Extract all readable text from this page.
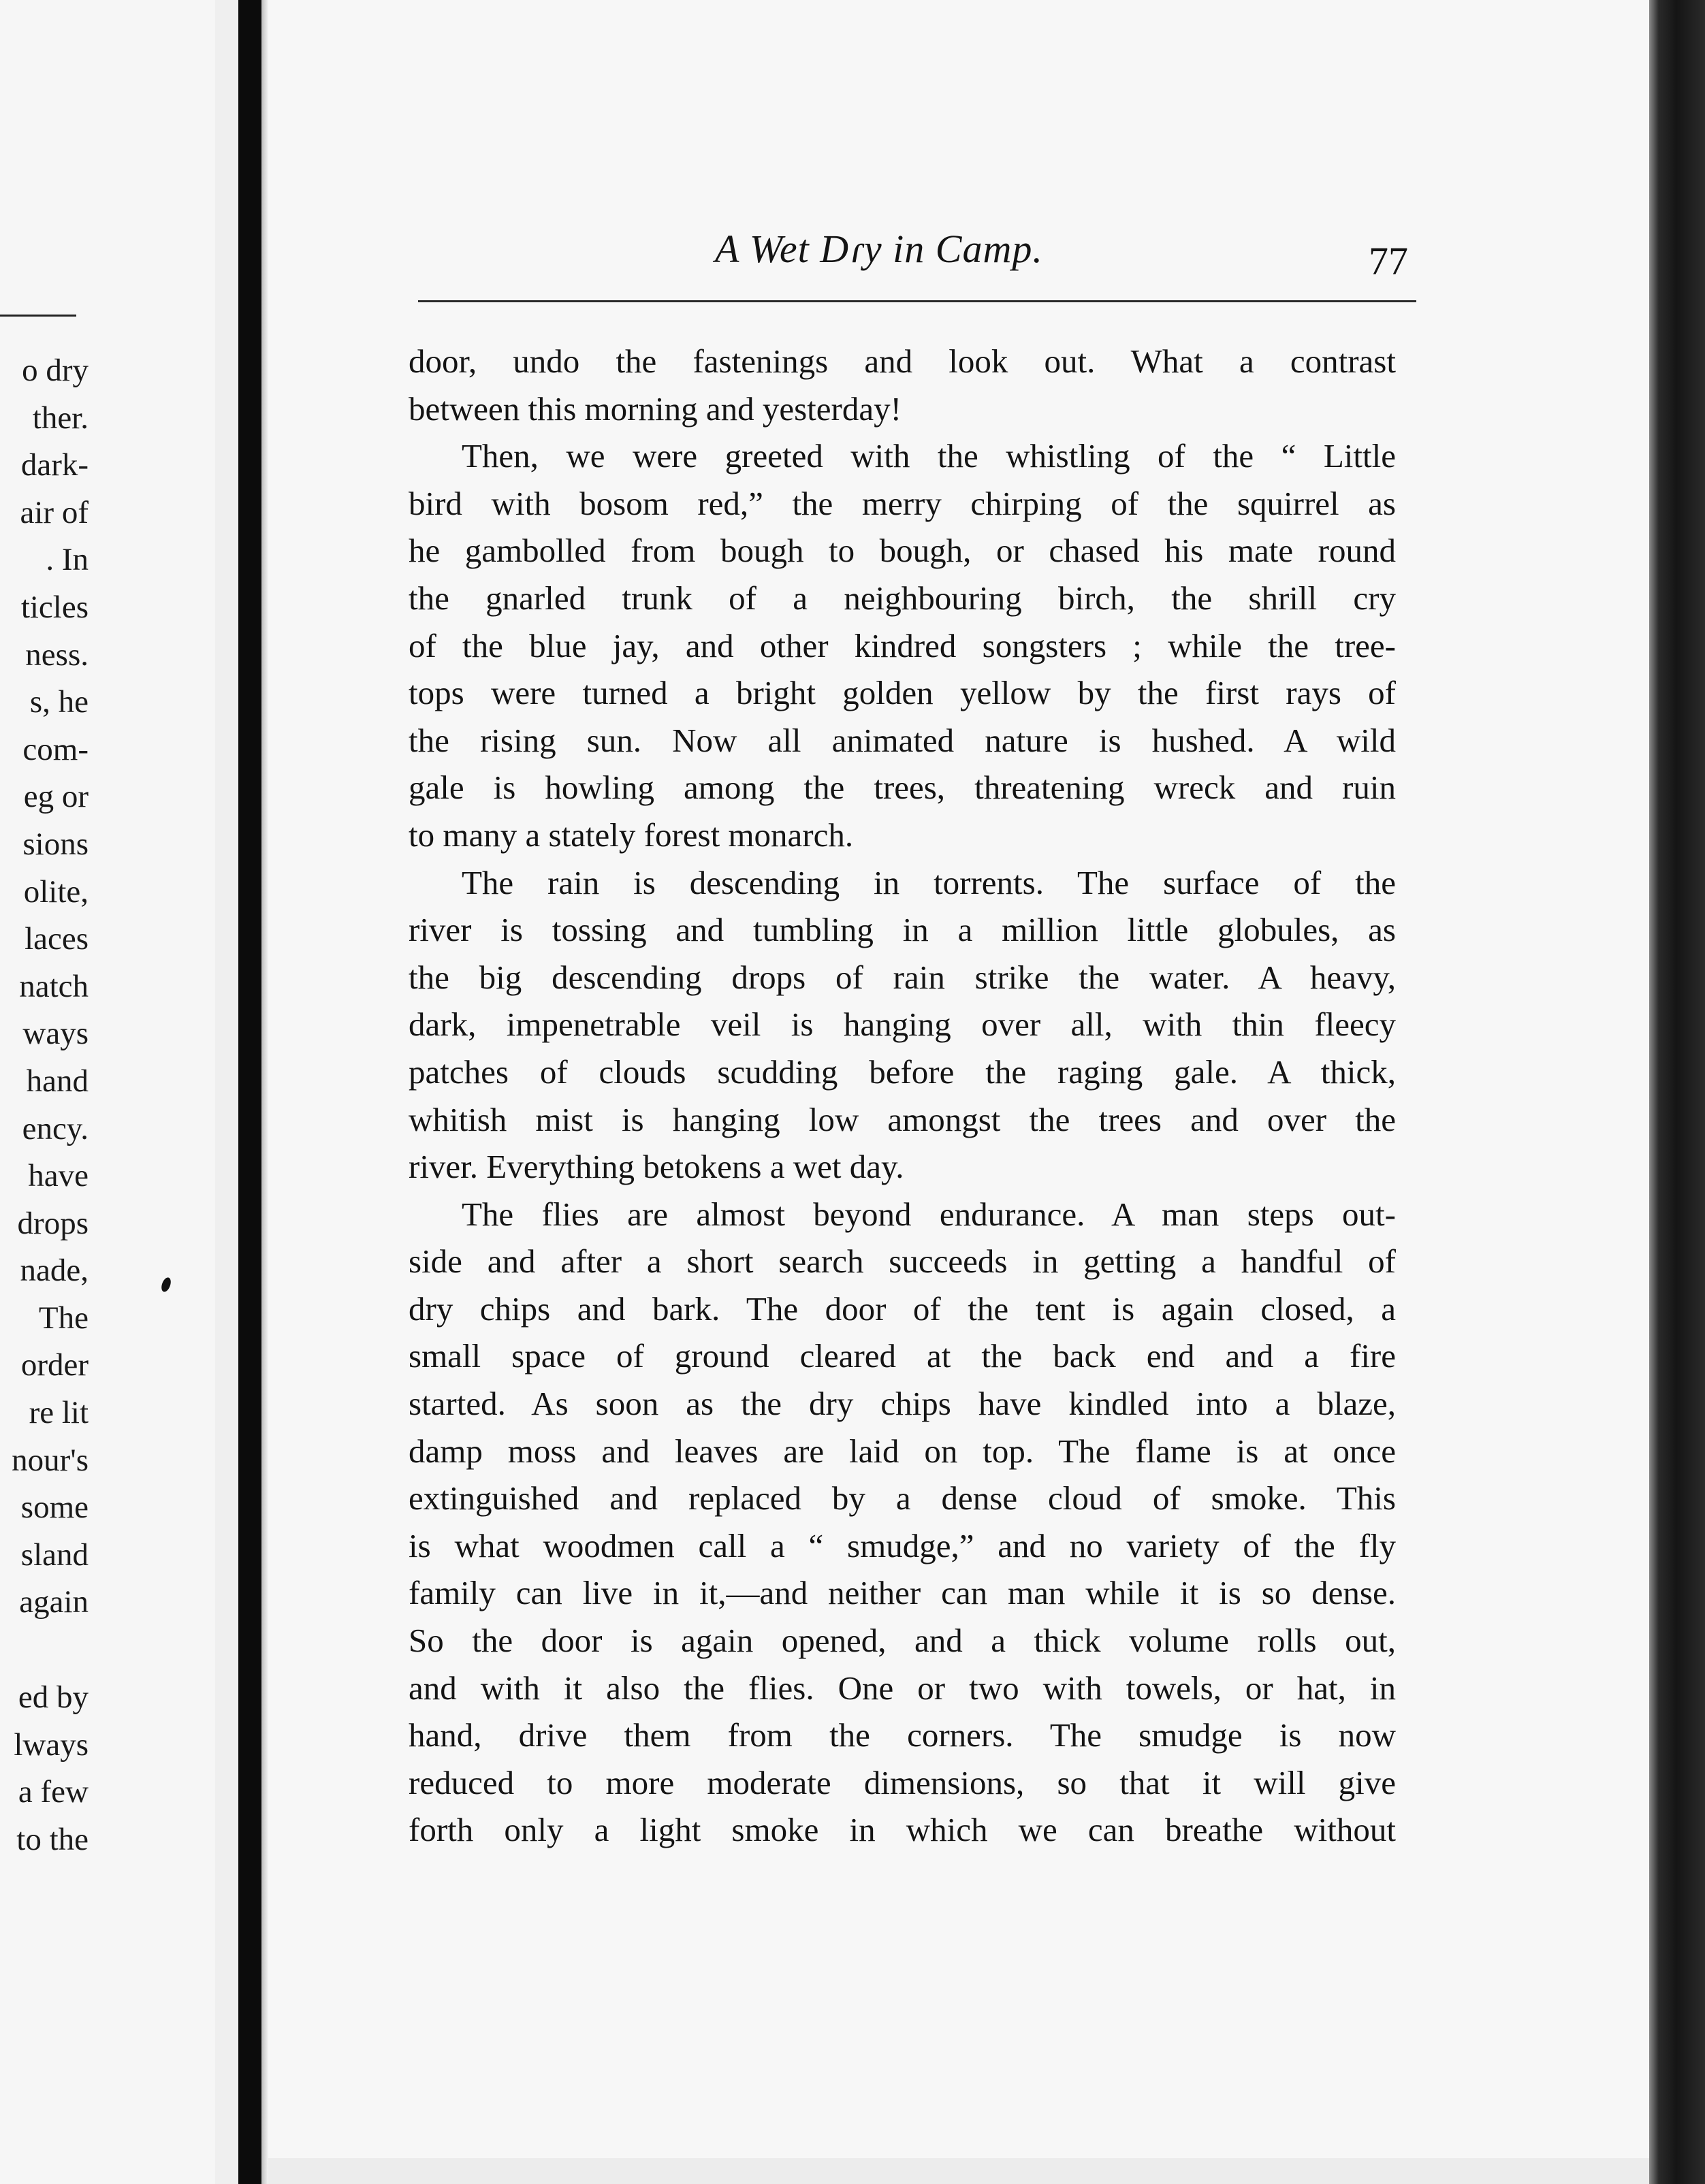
o dry
ther.
dark-
air of
. In
ticles
ness.
s, he
com-
eg or
sions
olite,
laces
natch
ways
hand
ency.
have
drops
nade,
The
order
re lit
nour's
some
sland
again
ed by
lways
a few
to the
A Wet Dɾy in Camp.	77
door, undo the fastenings and look out. What a contrast
between this morning and yesterday!
Then, we were greeted with the whistling of the “ Little
bird with bosom red,” the merry chirping of the squirrel as
he gambolled from bough to bough, or chased his mate round
the gnarled trunk of a neighbouring birch, the shrill cry
of the blue jay, and other kindred songsters ; while the tree-
tops were turned a bright golden yellow by the first rays of
the rising sun. Now all animated nature is hushed. A wild
gale is howling among the trees, threatening wreck and ruin
to many a stately forest monarch.
The rain is descending in torrents. The surface of the
river is tossing and tumbling in a million little globules, as
the big descending drops of rain strike the water. A heavy,
dark, impenetrable veil is hanging over all, with thin fleecy
patches of clouds scudding before the raging gale. A thick,
whitish mist is hanging low amongst the trees and over the
river. Everything betokens a wet day.
The flies are almost beyond endurance. A man steps out-
side and after a short search succeeds in getting a handful of
dry chips and bark. The door of the tent is again closed, a
small space of ground cleared at the back end and a fire
started. As soon as the dry chips have kindled into a blaze,
damp moss and leaves are laid on top. The flame is at once
extinguished and replaced by a dense cloud of smoke. This
is what woodmen call a “ smudge,” and no variety of the fly
family can live in it,—and neither can man while it is so dense.
So the door is again opened, and a thick volume rolls out,
and with it also the flies. One or two with towels, or hat, in
hand, drive them from the corners. The smudge is now
reduced to more moderate dimensions, so that it will give
forth only a light smoke in which we can breathe without
